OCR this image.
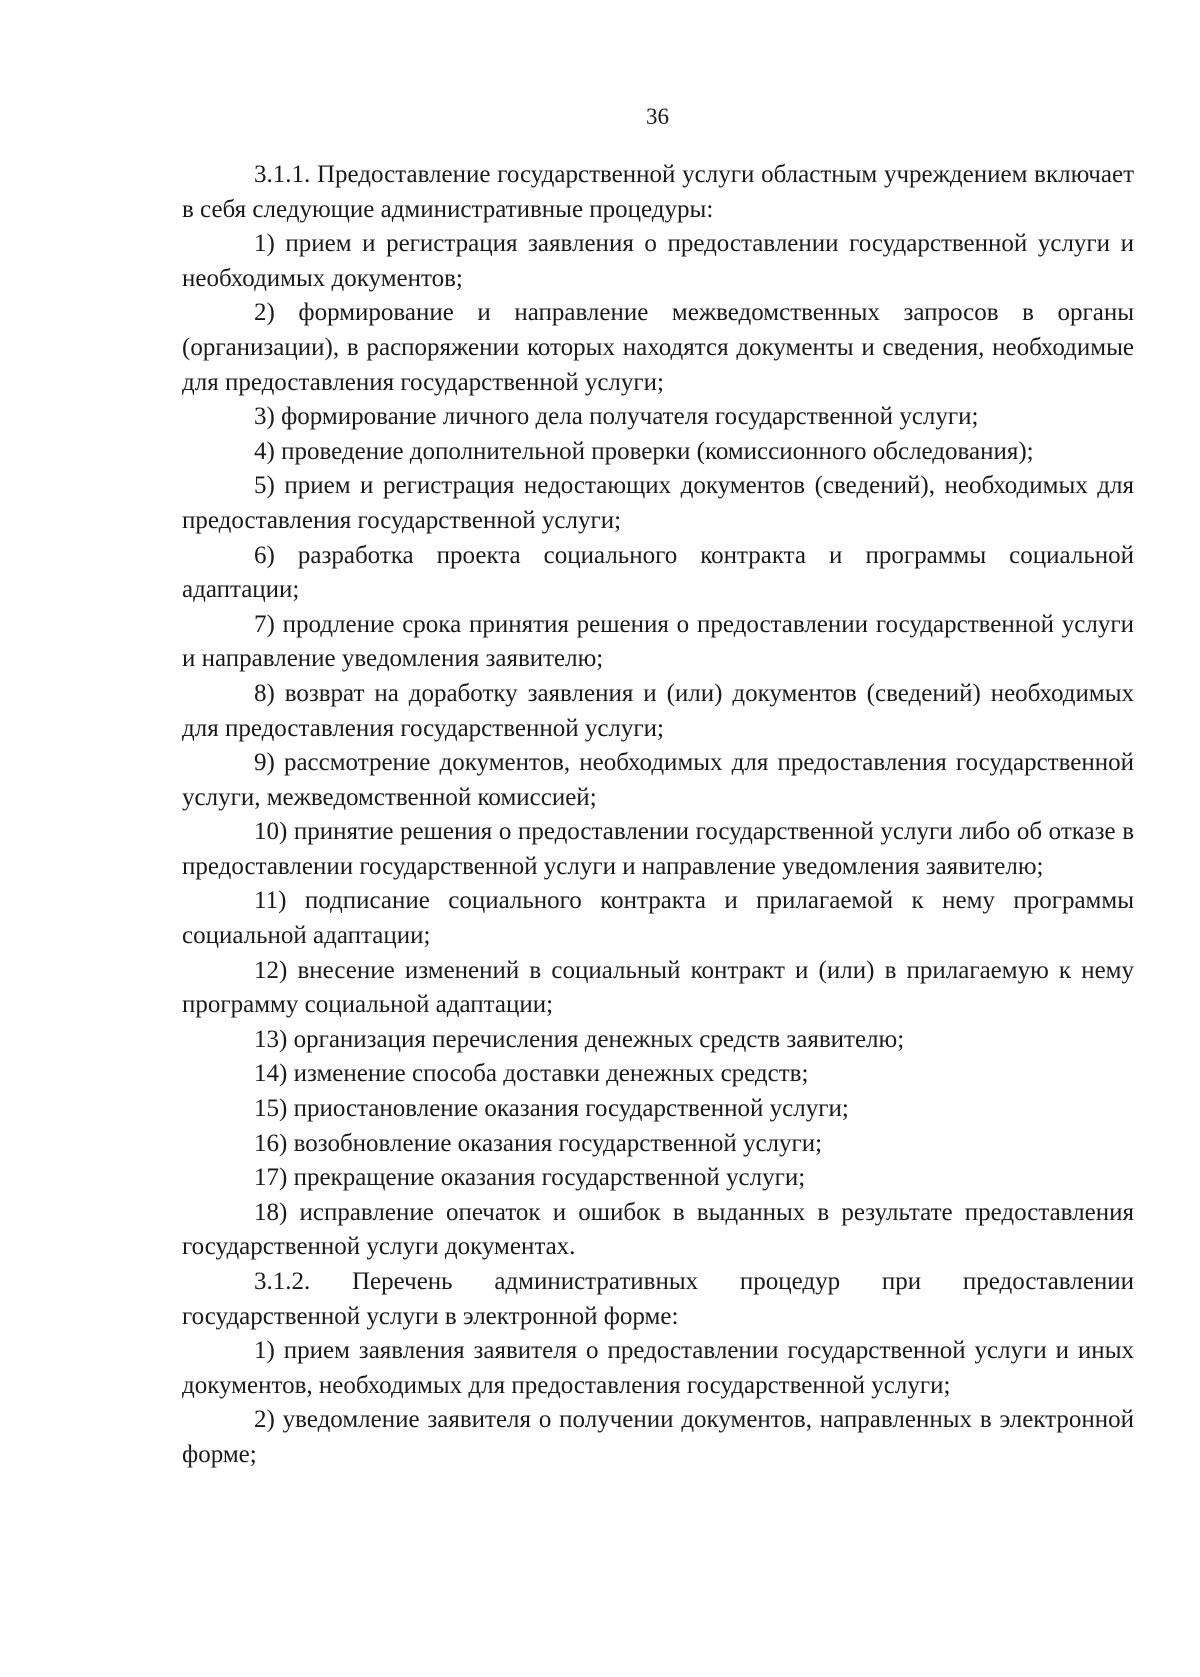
36

3.1.1. Предоставление государственной услуги областным учреждением включает в себя следующие административные процедуры:

1) прием и регистрация заявления о предоставлении государственной услуги и необходимых документов;

2) формирование и направление межведомственных запросов в органы (организации), в распоряжении которых находятся документы и сведения, необходимые для предоставления государственной услуги;

3) формирование личного дела получателя государственной услуги;

4) проведение дополнительной проверки (комиссионного обследования);

5) прием и регистрация недостающих документов (сведений), необходимых для предоставления государственной услуги;

6) разработка проекта социального контракта и программы социальной адаптации;

7) продление срока принятия решения о предоставлении государственной услуги и направление уведомления заявителю;

8) возврат на доработку заявления и (или) документов (сведений) необходимых для предоставления государственной услуги;

9) рассмотрение документов, необходимых для предоставления государственной услуги, межведомственной комиссией;

10) принятие решения о предоставлении государственной услуги либо об отказе в предоставлении государственной услуги и направление уведомления заявителю;

11) подписание социального контракта и прилагаемой к нему программы социальной адаптации;

12) внесение изменений в социальный контракт и (или) в прилагаемую к нему программу социальной адаптации;

13) организация перечисления денежных средств заявителю;

14) изменение способа доставки денежных средств;

15) приостановление оказания государственной услуги;

16) возобновление оказания государственной услуги;

17) прекращение оказания государственной услуги;

18) исправление опечаток и ошибок в выданных в результате предоставления государственной услуги документах.

3.1.2. Перечень административных процедур при предоставлении государственной услуги в электронной форме:

1) прием заявления заявителя о предоставлении государственной услуги и иных документов, необходимых для предоставления государственной услуги;

2) уведомление заявителя о получении документов, направленных в электронной форме;
